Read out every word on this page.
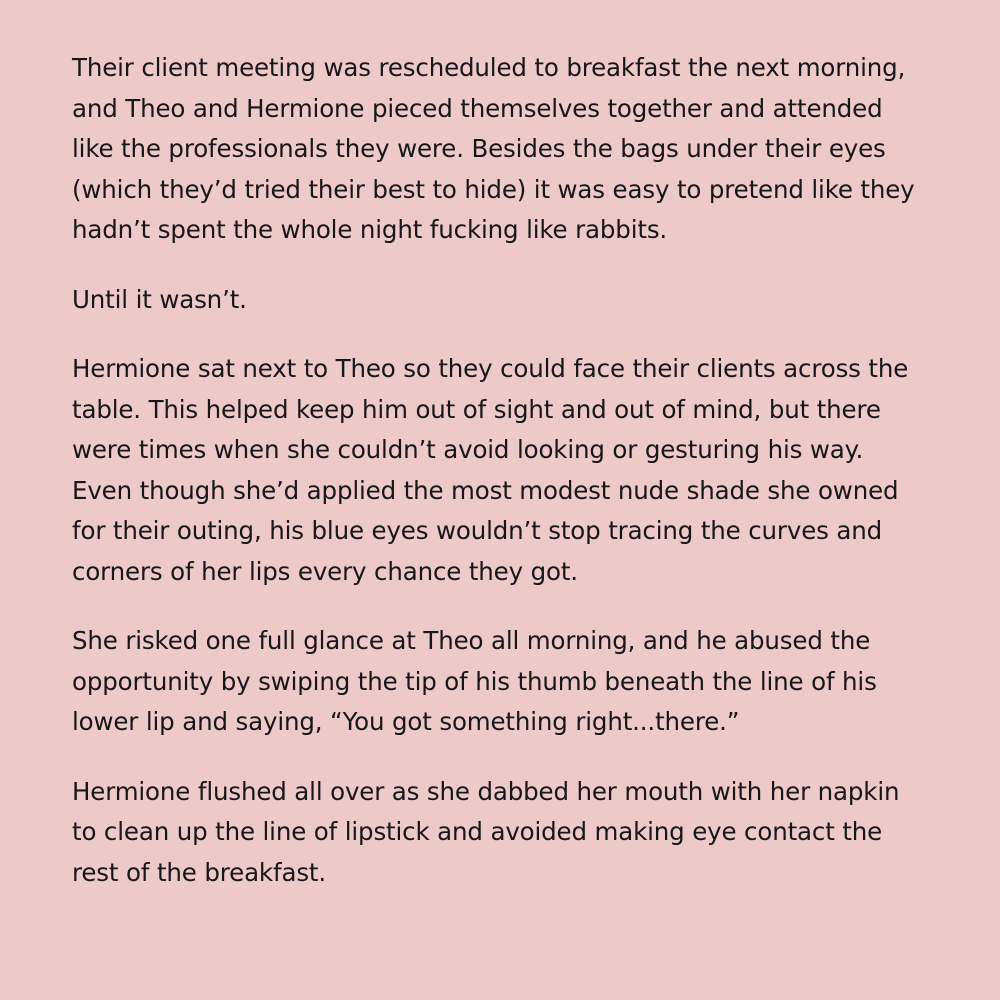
Their client meeting was rescheduled to breakfast the next morning, and Theo and Hermione pieced themselves together and attended like the professionals they were. Besides the bags under their eyes (which they’d tried their best to hide) it was easy to pretend like they hadn’t spent the whole night fucking like rabbits.

Until it wasn’t.

Hermione sat next to Theo so they could face their clients across the table. This helped keep him out of sight and out of mind, but there were times when she couldn’t avoid looking or gesturing his way. Even though she’d applied the most modest nude shade she owned for their outing, his blue eyes wouldn’t stop tracing the curves and corners of her lips every chance they got.

She risked one full glance at Theo all morning, and he abused the opportunity by swiping the tip of his thumb beneath the line of his lower lip and saying, “You got something right...there.”

Hermione flushed all over as she dabbed her mouth with her napkin to clean up the line of lipstick and avoided making eye contact the rest of the breakfast.
